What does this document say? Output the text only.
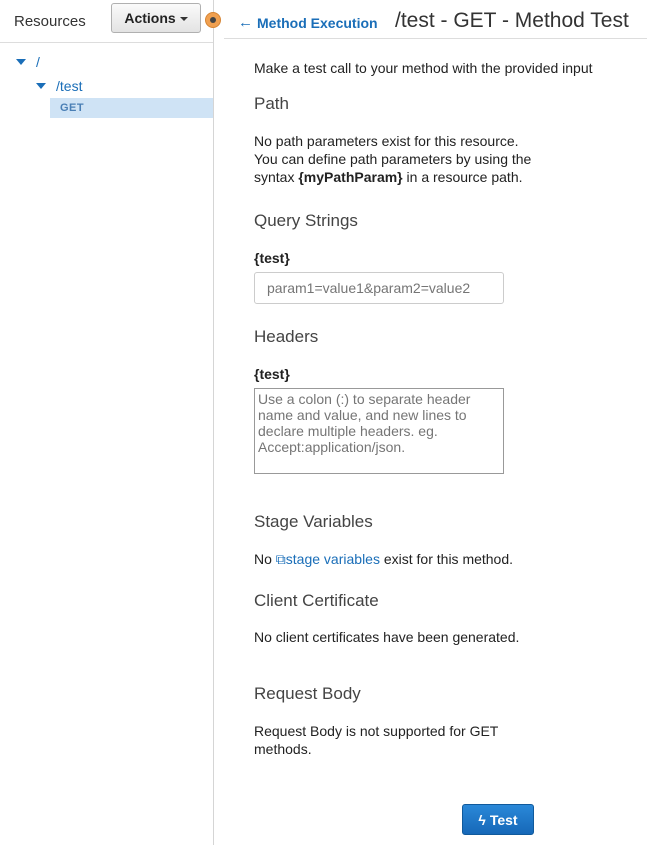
Resources	Actions
/
/test
GET
← Method Execution /test - GET - Method Test
Make a test call to your method with the provided input
Path
No path parameters exist for this resource.
You can define path parameters by using the
syntax {myPathParam} in a resource path.
Query Strings
{test}
param1=value1&param2=value2
Headers
{test}
Use a colon (:) to separate header name and value, and new lines to declare multiple headers. eg. Accept:application/json.
Stage Variables
No ⧉stage variables exist for this method.
Client Certificate
No client certificates have been generated.
Request Body
Request Body is not supported for GET
methods.
ϟ Test
